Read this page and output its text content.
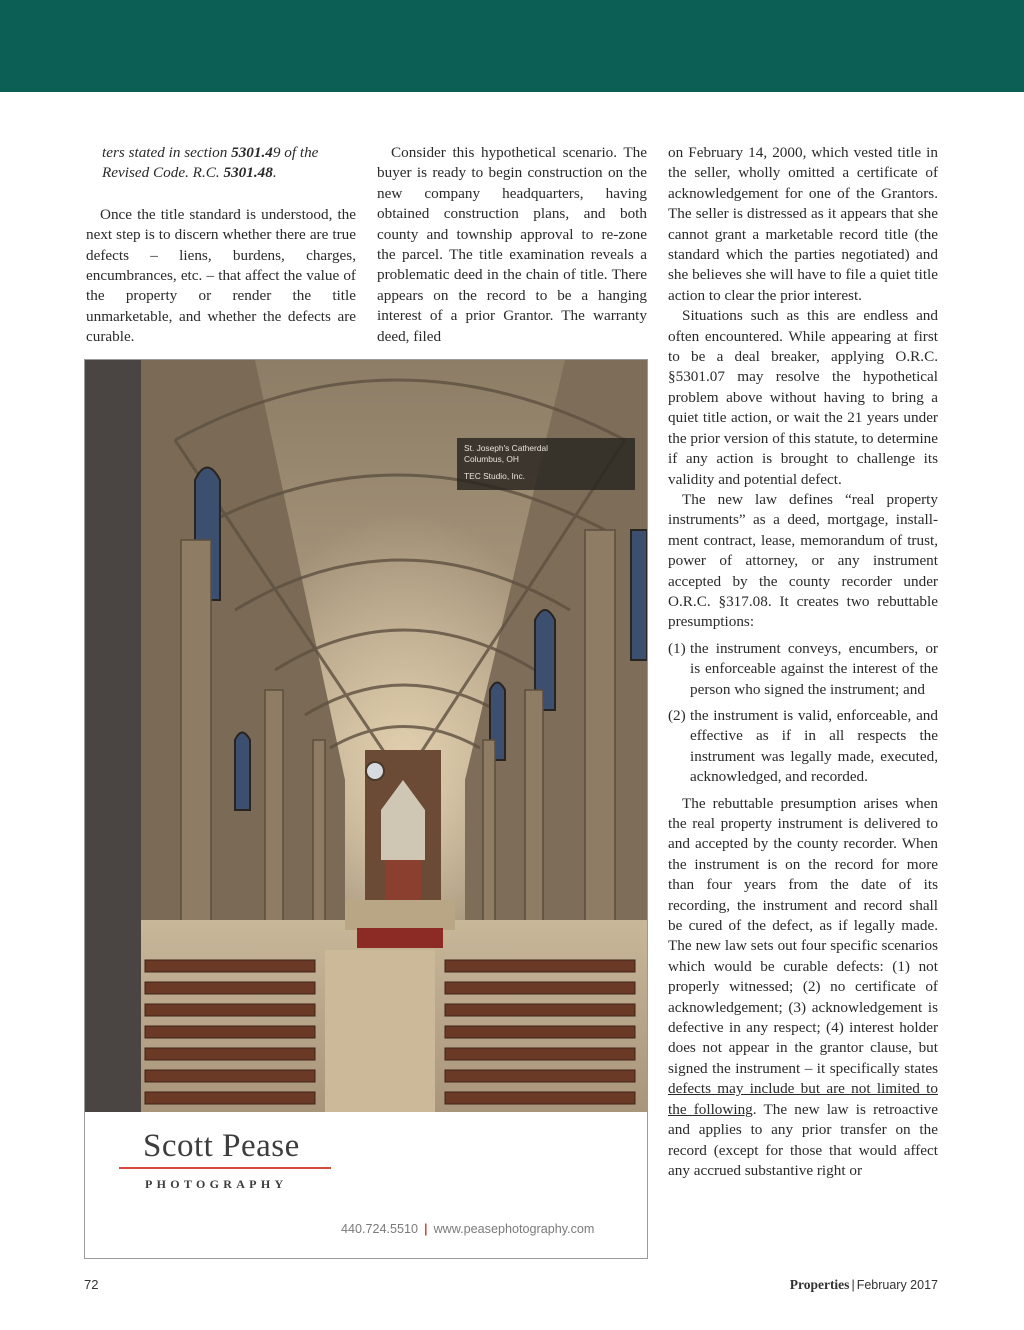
ters stated in section 5301.49 of the Revised Code. R.C. 5301.48.

Once the title standard is understood, the next step is to discern whether there are true defects – liens, burdens, charges, encumbrances, etc. – that affect the value of the property or render the title unmarketable, and whether the defects are curable.

Consider this hypothetical scenario. The buyer is ready to begin construction on the new company headquarters, having obtained construction plans, and both county and township approval to re-zone the parcel. The title examination reveals a problematic deed in the chain of title. There appears on the record to be a hanging interest of a prior Grantor. The warranty deed, filed

on February 14, 2000, which vested title in the seller, wholly omitted a certificate of acknowledgement for one of the Grantors. The seller is distressed as it appears that she cannot grant a marketable record title (the standard which the parties negotiated) and she believes she will have to file a quiet title action to clear the prior interest.

Situations such as this are endless and often encountered. While appearing at first to be a deal breaker, applying O.R.C. §5301.07 may resolve the hypothetical problem above without having to bring a quiet title action, or wait the 21 years under the prior version of this statute, to determine if any action is brought to challenge its validity and potential defect.

The new law defines “real property instruments” as a deed, mortgage, installment contract, lease, memorandum of trust, power of attorney, or any instrument accepted by the county recorder under O.R.C. §317.08. It creates two rebuttable presumptions:

(1) the instrument conveys, encumbers, or is enforceable against the interest of the person who signed the instrument; and
(2) the instrument is valid, enforceable, and effective as if in all respects the instrument was legally made, executed, acknowledged, and recorded.

The rebuttable presumption arises when the real property instrument is delivered to and accepted by the county recorder. When the instrument is on the record for more than four years from the date of its recording, the instrument and record shall be cured of the defect, as if legally made. The new law sets out four specific scenarios which would be curable defects: (1) not properly witnessed; (2) no certificate of acknowledgement; (3) acknowledgement is defective in any respect; (4) interest holder does not appear in the grantor clause, but signed the instrument – it specifically states defects may include but are not limited to the following. The new law is retroactive and applies to any prior transfer on the record (except for those that would affect any accrued substantive right or

St. Joseph's Catherdal
Columbus, OH
TEC Studio, Inc.
Scott Pease
PHOTOGRAPHY
440.724.5510 | www.peasephotography.com
72	Properties | February 2017
